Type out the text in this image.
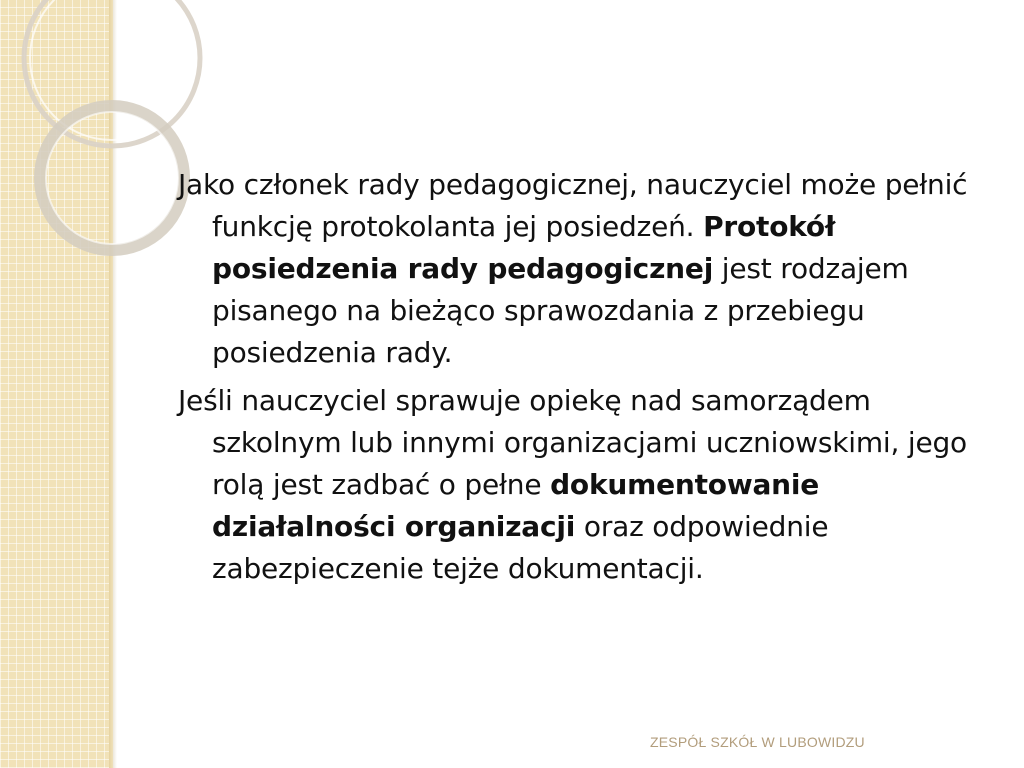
Jako członek rady pedagogicznej, nauczyciel może pełnić funkcję protokolanta jej posiedzeń. Protokół posiedzenia rady pedagogicznej jest rodzajem pisanego na bieżąco sprawozdania z przebiegu posiedzenia rady.

Jeśli nauczyciel sprawuje opiekę nad samorządem szkolnym lub innymi organizacjami uczniowskimi, jego rolą jest zadbać o pełne dokumentowanie działalności organizacji oraz odpowiednie zabezpieczenie tejże dokumentacji.

ZESPÓŁ SZKÓŁ W LUBOWIDZU
